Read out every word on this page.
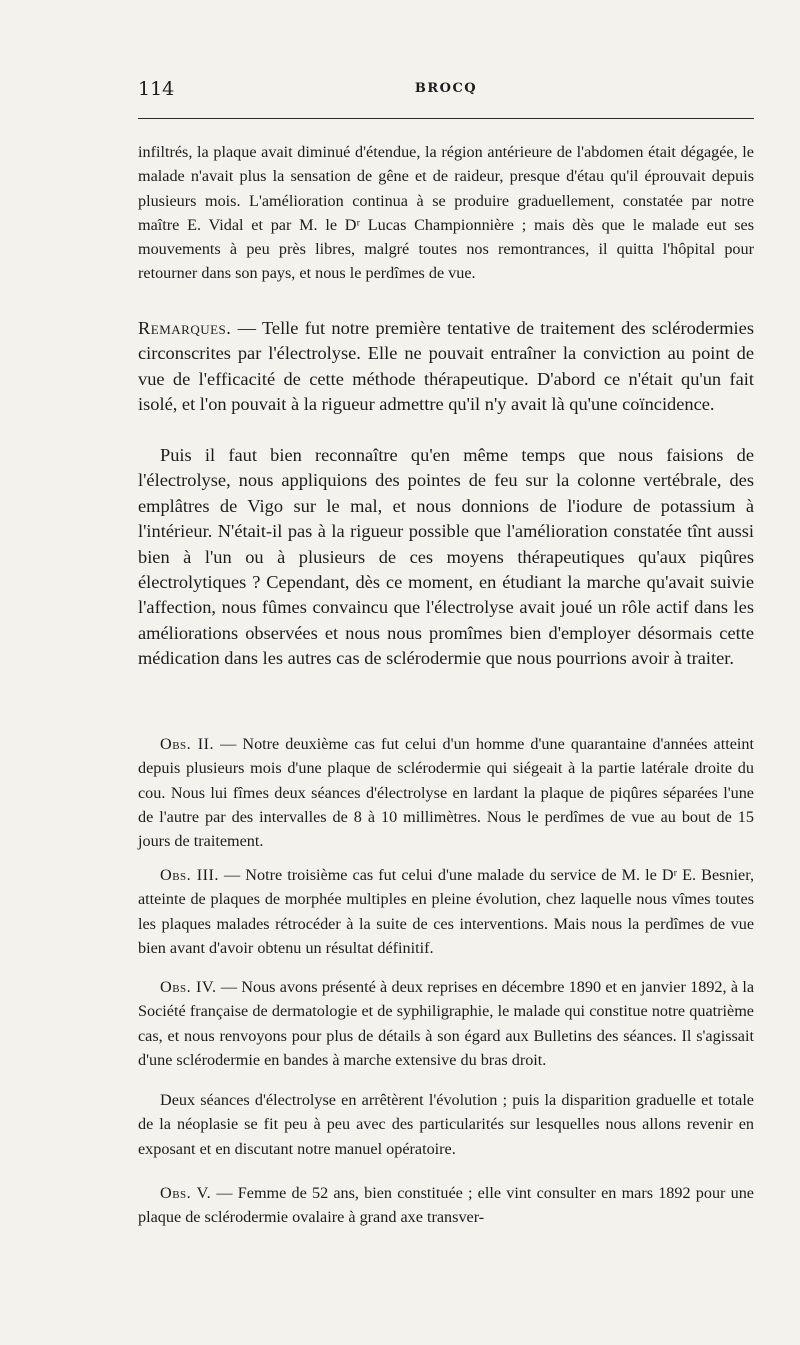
114	BROCQ

infiltrés, la plaque avait diminué d'étendue, la région antérieure de l'abdomen était dégagée, le malade n'avait plus la sensation de gêne et de raideur, presque d'étau qu'il éprouvait depuis plusieurs mois. L'amélioration continua à se produire graduellement, constatée par notre maître E. Vidal et par M. le Dʳ Lucas Championnière ; mais dès que le malade eut ses mouvements à peu près libres, malgré toutes nos remontrances, il quitta l'hôpital pour retourner dans son pays, et nous le perdîmes de vue.

Remarques. — Telle fut notre première tentative de traitement des sclérodermies circonscrites par l'électrolyse. Elle ne pouvait entraîner la conviction au point de vue de l'efficacité de cette méthode thérapeutique. D'abord ce n'était qu'un fait isolé, et l'on pouvait à la rigueur admettre qu'il n'y avait là qu'une coïncidence.

Puis il faut bien reconnaître qu'en même temps que nous faisions de l'électrolyse, nous appliquions des pointes de feu sur la colonne vertébrale, des emplâtres de Vigo sur le mal, et nous donnions de l'iodure de potassium à l'intérieur. N'était-il pas à la rigueur possible que l'amélioration constatée tînt aussi bien à l'un ou à plusieurs de ces moyens thérapeutiques qu'aux piqûres électrolytiques ? Cependant, dès ce moment, en étudiant la marche qu'avait suivie l'affection, nous fûmes convaincu que l'électrolyse avait joué un rôle actif dans les améliorations observées et nous nous promîmes bien d'employer désormais cette médication dans les autres cas de sclérodermie que nous pourrions avoir à traiter.

Obs. II. — Notre deuxième cas fut celui d'un homme d'une quarantaine d'années atteint depuis plusieurs mois d'une plaque de sclérodermie qui siégeait à la partie latérale droite du cou. Nous lui fîmes deux séances d'électrolyse en lardant la plaque de piqûres séparées l'une de l'autre par des intervalles de 8 à 10 millimètres. Nous le perdîmes de vue au bout de 15 jours de traitement.

Obs. III. — Notre troisième cas fut celui d'une malade du service de M. le Dʳ E. Besnier, atteinte de plaques de morphée multiples en pleine évolution, chez laquelle nous vîmes toutes les plaques malades rétrocéder à la suite de ces interventions. Mais nous la perdîmes de vue bien avant d'avoir obtenu un résultat définitif.

Obs. IV. — Nous avons présenté à deux reprises en décembre 1890 et en janvier 1892, à la Société française de dermatologie et de syphiligraphie, le malade qui constitue notre quatrième cas, et nous renvoyons pour plus de détails à son égard aux Bulletins des séances. Il s'agissait d'une sclérodermie en bandes à marche extensive du bras droit.

Deux séances d'électrolyse en arrêtèrent l'évolution ; puis la disparition graduelle et totale de la néoplasie se fit peu à peu avec des particularités sur lesquelles nous allons revenir en exposant et en discutant notre manuel opératoire.

Obs. V. — Femme de 52 ans, bien constituée ; elle vint consulter en mars 1892 pour une plaque de sclérodermie ovalaire à grand axe transver-
